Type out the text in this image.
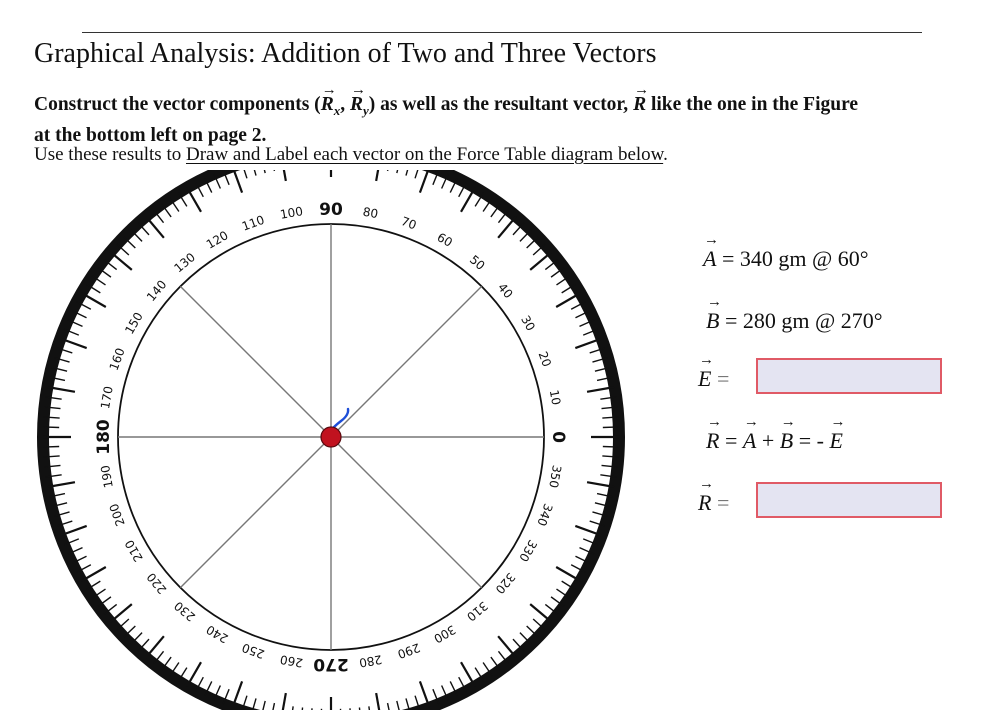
Graphical Analysis: Addition of Two and Three Vectors
Construct the vector components (→ $R_x$, → $R_y$) as well as the resultant vector, → R like the one in the Figure at the bottom left on page 2.
Use these results to Draw and Label each vector on the Force Table diagram below.
0
10
20
30
40
50
60
70
80
90
100
110
120
130
140
150
160
170
180
190
200
210
220
230
240
250 260 270 280 290
300
310
320
330
340
350
→ A = 340 gm @ 60°
→ B = 280 gm @ 270°
→ E =
→ R = → A + → B = - → E
→ R =
